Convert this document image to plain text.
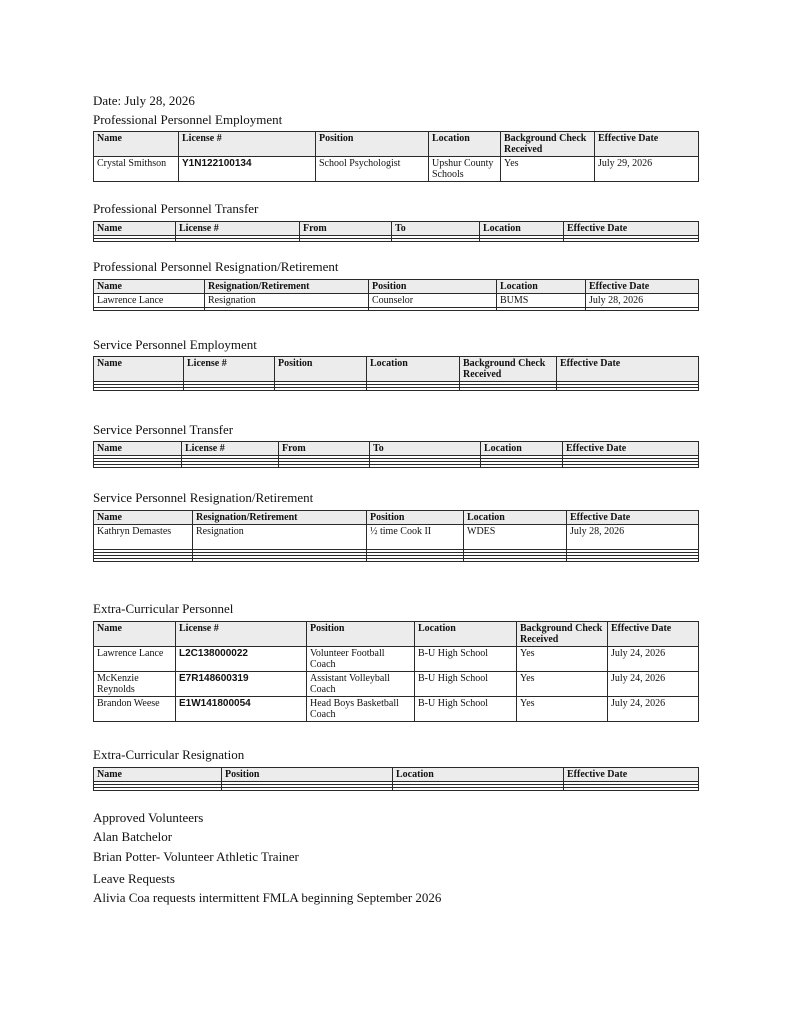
Date: July 28, 2026

Professional Personnel Employment

Name	License #	Position	Location	Background Check Received	Effective Date
Crystal Smithson	Y1N122100134	School Psychologist	Upshur County Schools	Yes	July 29, 2026

Professional Personnel Transfer

Name	License #	From	To	Location	Effective Date

Professional Personnel Resignation/Retirement

Name	Resignation/Retirement	Position	Location	Effective Date
Lawrence Lance	Resignation	Counselor	BUMS	July 28, 2026

Service Personnel Employment

Name	License #	Position	Location	Background Check Received	Effective Date

Service Personnel Transfer

Name	License #	From	To	Location	Effective Date

Service Personnel Resignation/Retirement

Name	Resignation/Retirement	Position	Location	Effective Date
Kathryn Demastes	Resignation	½ time Cook II	WDES	July 28, 2026

Extra-Curricular Personnel

Name	License #	Position	Location	Background Check Received	Effective Date
Lawrence Lance	L2C138000022	Volunteer Football Coach	B-U High School	Yes	July 24, 2026
McKenzie Reynolds	E7R148600319	Assistant Volleyball Coach	B-U High School	Yes	July 24, 2026
Brandon Weese	E1W141800054	Head Boys Basketball Coach	B-U High School	Yes	July 24, 2026

Extra-Curricular Resignation

Name	Position	Location	Effective Date

Approved Volunteers

Alan Batchelor

Brian Potter- Volunteer Athletic Trainer

Leave Requests

Alivia Coa requests intermittent FMLA beginning September 2026
